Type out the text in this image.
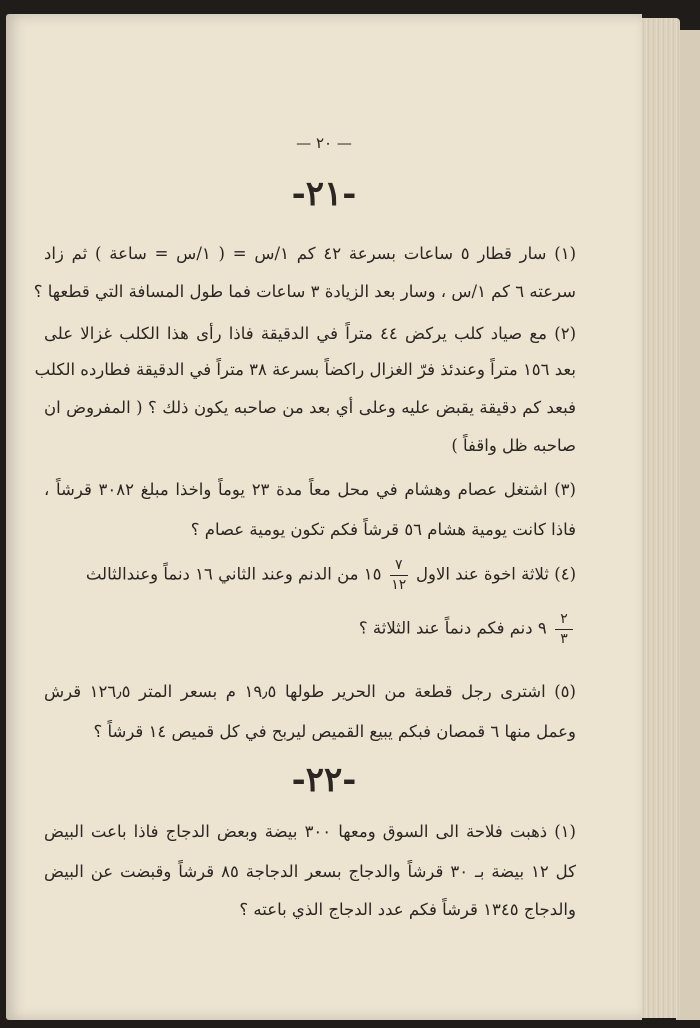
— ٢٠ —
-٢١-
(١) سار قطار ٥ ساعات بسرعة ٤٢ كم ١/س = ( ١/س = ساعة ) ثم زاد
سرعته ٦ كم ١/س ، وسار بعد الزيادة ٣ ساعات فما طول المسافة التي قطعها ؟
(٢) مع صياد كلب يركض ٤٤ متراً في الدقيقة فاذا رأى هذا الكلب غزالا على
بعد ١٥٦ متراً وعندئذ فرّ الغزال راكضاً بسرعة ٣٨ متراً في الدقيقة فطارده الكلب
فبعد كم دقيقة يقبض عليه وعلى أي بعد من صاحبه يكون ذلك ؟ ( المفروض ان
صاحبه ظل واقفاً )
(٣) اشتغل عصام وهشام في محل معاً مدة ٢٣ يوماً واخذا مبلغ ٣٠٨٢ قرشاً ،
فاذا كانت يومية هشام ٥٦ قرشاً فكم تكون يومية عصام ؟
(٤) ثلاثة اخوة عند الاول
$\frac{٧}{١٢}$
١٥ من الدنم وعند الثاني ١٦ دنماً وعندالثالث
$\frac{٢}{٣}$
٩ دنم فكم دنماً عند الثلاثة ؟
(٥) اشترى رجل قطعة من الحرير طولها ١٩٫٥ م بسعر المتر ١٢٦٫٥ قرش
وعمل منها ٦ قمصان فبكم يبيع القميص ليربح في كل قميص ١٤ قرشاً ؟
(١) ذهبت فلاحة الى السوق ومعها ٣٠٠ بيضة وبعض الدجاج فاذا باعت البيض
كل ١٢ بيضة بـ ٣٠ قرشاً والدجاج بسعر الدجاجة ٨٥ قرشاً وقبضت عن البيض
والدجاج ١٣٤٥ قرشاً فكم عدد الدجاج الذي باعته ؟
-٢٢-
